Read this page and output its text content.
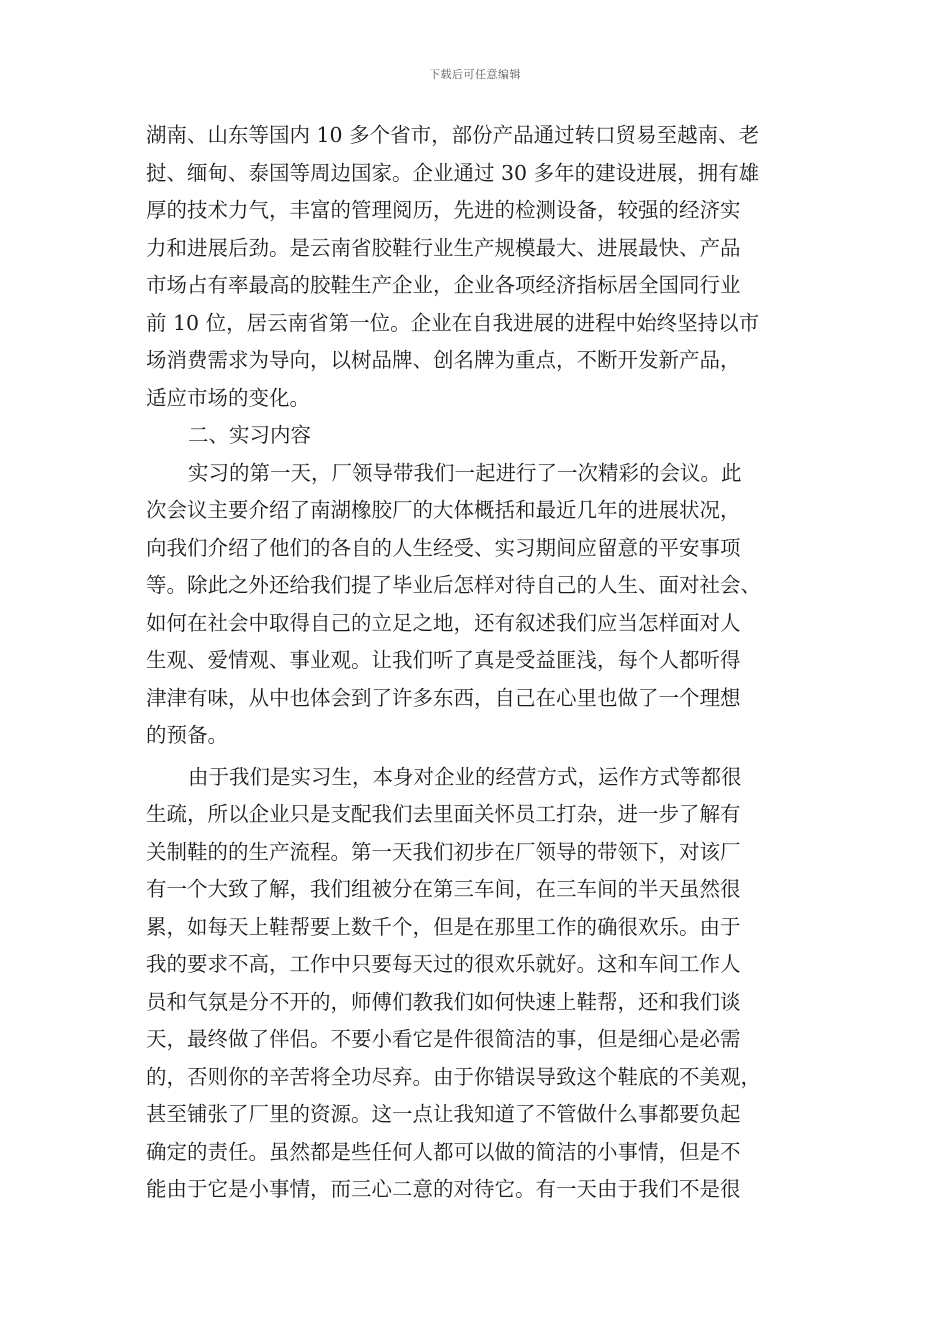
下载后可任意编辑
湖南、山东等国内 10 多个省市，部份产品通过转口贸易至越南、老
挝、缅甸、泰国等周边国家。企业通过 30 多年的建设进展，拥有雄
厚的技术力气，丰富的管理阅历，先进的检测设备，较强的经济实
力和进展后劲。是云南省胶鞋行业生产规模最大、进展最快、产品
市场占有率最高的胶鞋生产企业，企业各项经济指标居全国同行业
前 10 位，居云南省第一位。企业在自我进展的进程中始终坚持以市
场消费需求为导向，以树品牌、创名牌为重点，不断开发新产品，
适应市场的变化。
二、实习内容
实习的第一天，厂领导带我们一起进行了一次精彩的会议。此
次会议主要介绍了南湖橡胶厂的大体概括和最近几年的进展状况，
向我们介绍了他们的各自的人生经受、实习期间应留意的平安事项
等。除此之外还给我们提了毕业后怎样对待自己的人生、面对社会、
如何在社会中取得自己的立足之地，还有叙述我们应当怎样面对人
生观、爱情观、事业观。让我们听了真是受益匪浅，每个人都听得
津津有味，从中也体会到了许多东西，自己在心里也做了一个理想
的预备。
由于我们是实习生，本身对企业的经营方式，运作方式等都很
生疏，所以企业只是支配我们去里面关怀员工打杂，进一步了解有
关制鞋的的生产流程。第一天我们初步在厂领导的带领下，对该厂
有一个大致了解，我们组被分在第三车间，在三车间的半天虽然很
累，如每天上鞋帮要上数千个，但是在那里工作的确很欢乐。由于
我的要求不高，工作中只要每天过的很欢乐就好。这和车间工作人
员和气氛是分不开的，师傅们教我们如何快速上鞋帮，还和我们谈
天，最终做了伴侣。不要小看它是件很简洁的事，但是细心是必需
的，否则你的辛苦将全功尽弃。由于你错误导致这个鞋底的不美观，
甚至铺张了厂里的资源。这一点让我知道了不管做什么事都要负起
确定的责任。虽然都是些任何人都可以做的简洁的小事情，但是不
能由于它是小事情，而三心二意的对待它。有一天由于我们不是很
